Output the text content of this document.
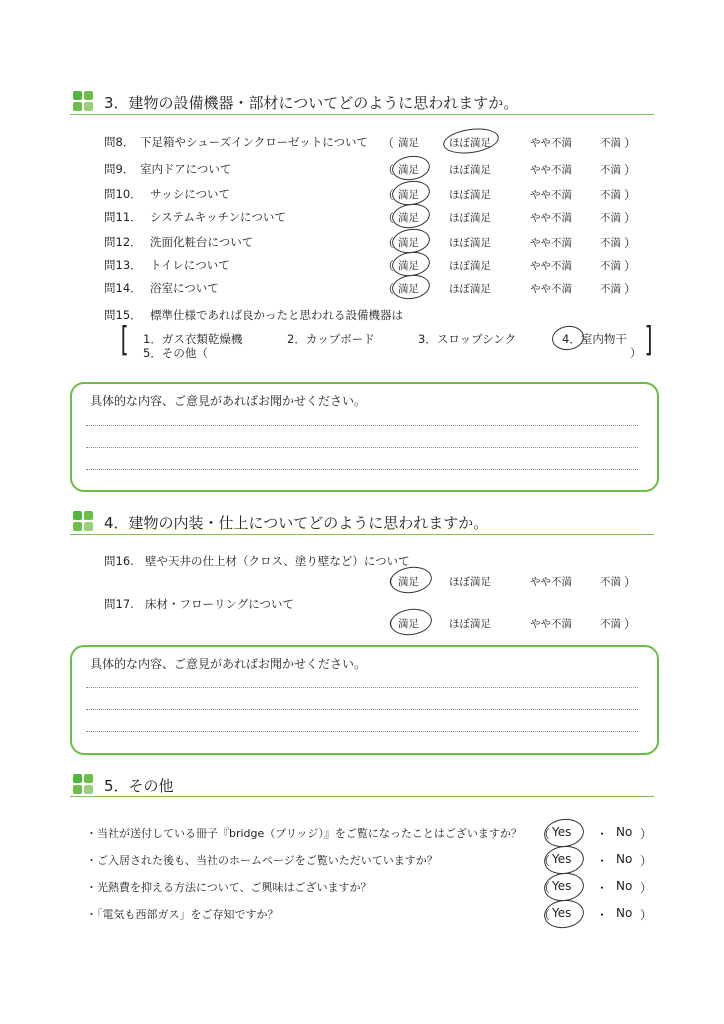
3．建物の設備機器・部材についてどのように思われますか。
問8． 下足箱やシューズインクローゼットについて （ 満足	ほぼ満足	やや不満	不満 ）
問9． 室内ドアについて	（ 満足	ほぼ満足	やや不満	不満 ）
問10． サッシについて	（ 満足	ほぼ満足	やや不満	不満 ）
問11． システムキッチンについて	（ 満足	ほぼ満足	やや不満	不満 ）
問12． 洗面化粧台について	（ 満足	ほぼ満足	やや不満	不満 ）
問13． トイレについて	（ 満足	ほぼ満足	やや不満	不満 ）
問14． 浴室について	（ 満足	ほぼ満足	やや不満	不満 ）
問15． 標準仕様であれば良かったと思われる設備機器は
[	]
1．ガス衣類乾燥機	2．カップボード	3．スロップシンク	4．室内物干
5．その他（	）
具体的な内容、ご意見があればお聞かせください。
4．建物の内装・仕上についてどのように思われますか。
問16. 壁や天井の仕上材（クロス、塗り壁など）について
（ 満足	ほぼ満足	やや不満	不満 ）
問17. 床材・フローリングについて
（ 満足	ほぼ満足	やや不満	不満 ）
具体的な内容、ご意見があればお聞かせください。
5．その他
・当社が送付している冊子『bridge（ブリッジ）』をご覧になったことはございますか？ （ Yes ・ No ）
・ご入居された後も、当社のホームページをご覧いただいていますか？	（ Yes ・ No ）
・光熱費を抑える方法について、ご興味はございますか？	（ Yes ・ No ）
・「電気も西部ガス」をご存知ですか？	（ Yes ・ No ）
